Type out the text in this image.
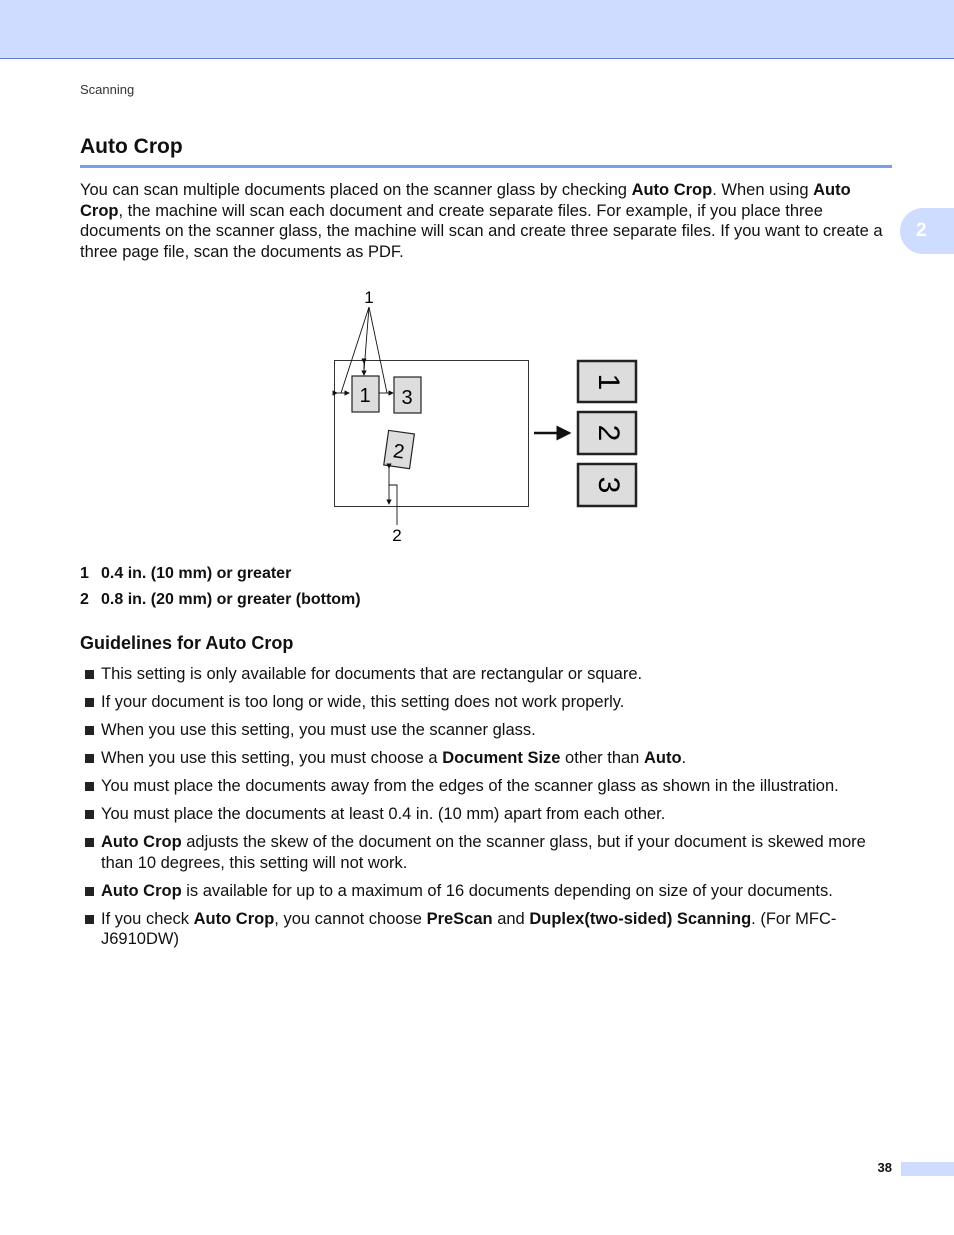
Scanning
2
Auto Crop

You can scan multiple documents placed on the scanner glass by checking Auto Crop. When using Auto Crop, the machine will scan each document and create separate files. For example, if you place three documents on the scanner glass, the machine will scan and create three separate files. If you want to create a three page file, scan the documents as PDF.

1
1 3
2
2
1
2
3
1 0.4 in. (10 mm) or greater
2 0.8 in. (20 mm) or greater (bottom)
Guidelines for Auto Crop
This setting is only available for documents that are rectangular or square.
If your document is too long or wide, this setting does not work properly.
When you use this setting, you must use the scanner glass.
When you use this setting, you must choose a Document Size other than Auto.
You must place the documents away from the edges of the scanner glass as shown in the illustration.
You must place the documents at least 0.4 in. (10 mm) apart from each other.
Auto Crop adjusts the skew of the document on the scanner glass, but if your document is skewed more than 10 degrees, this setting will not work.
Auto Crop is available for up to a maximum of 16 documents depending on size of your documents.
If you check Auto Crop, you cannot choose PreScan and Duplex(two-sided) Scanning. (For MFC-J6910DW)
38
